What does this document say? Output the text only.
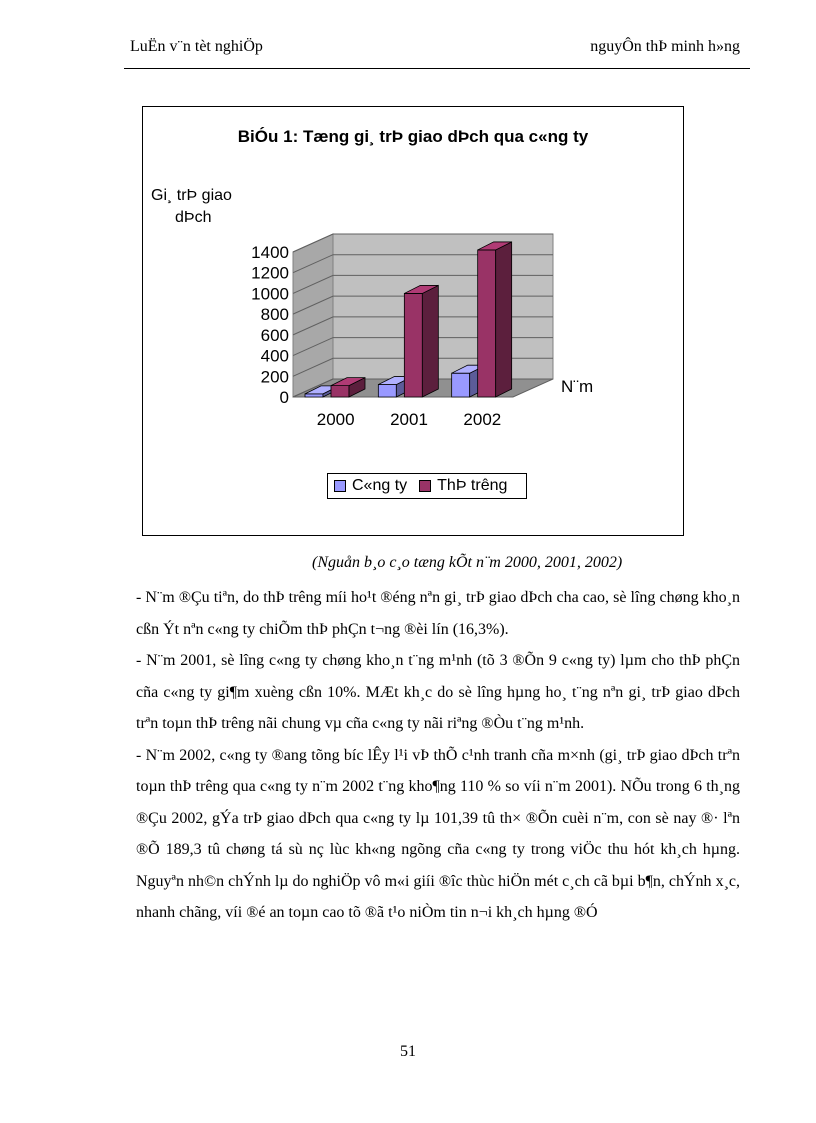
LuËn v¨n tèt nghiÖp	nguyÔn thÞ minh h»ng
BiÓu 1: Tæng gi¸ trÞ giao dÞch qua c«ng ty
Gi¸ trÞ giao
dÞch
1400
1200
1000
800
600
400
200
0
2000 2001 2002
N¨m
C«ng ty ThÞ trêng
(Nguån b¸o c¸o tæng kÕt n¨m 2000, 2001, 2002)

- N¨m ®Çu tiªn, do thÞ trêng míi ho¹t ®éng nªn gi¸ trÞ giao dÞch cha cao, sè lîng chøng kho¸n cßn Ýt nªn c«ng ty chiÕm thÞ phÇn t¬ng ®èi lín (16,3%).

- N¨m 2001, sè lîng c«ng ty chøng kho¸n t¨ng m¹nh (tõ 3 ®Õn 9 c«ng ty) lµm cho thÞ phÇn cña c«ng ty gi¶m xuèng cßn 10%. MÆt kh¸c do sè lîng hµng ho¸ t¨ng nªn gi¸ trÞ giao dÞch trªn toµn thÞ trêng nãi chung vµ cña c«ng ty nãi riªng ®Òu t¨ng m¹nh.

- N¨m 2002, c«ng ty ®ang tõng bíc lÊy l¹i vÞ thÕ c¹nh tranh cña m×nh (gi¸ trÞ giao dÞch trªn toµn thÞ trêng qua c«ng ty n¨m 2002 t¨ng kho¶ng 110 % so víi n¨m 2001). NÕu trong 6 th¸ng ®Çu 2002, gÝa trÞ giao dÞch qua c«ng ty lµ 101,39 tû th× ®Õn cuèi n¨m, con sè nay ®· lªn ®Õ 189,3 tû chøng tá sù nç lùc kh«ng ngõng cña c«ng ty trong viÖc thu hót kh¸ch hµng. Nguyªn nh©n chÝnh lµ do nghiÖp vô m«i giíi ®îc thùc hiÖn mét c¸ch cã bµi b¶n, chÝnh x¸c, nhanh chãng, víi ®é an toµn cao tõ ®ã t¹o niÒm tin n¬i kh¸ch hµng ®Ó

51
